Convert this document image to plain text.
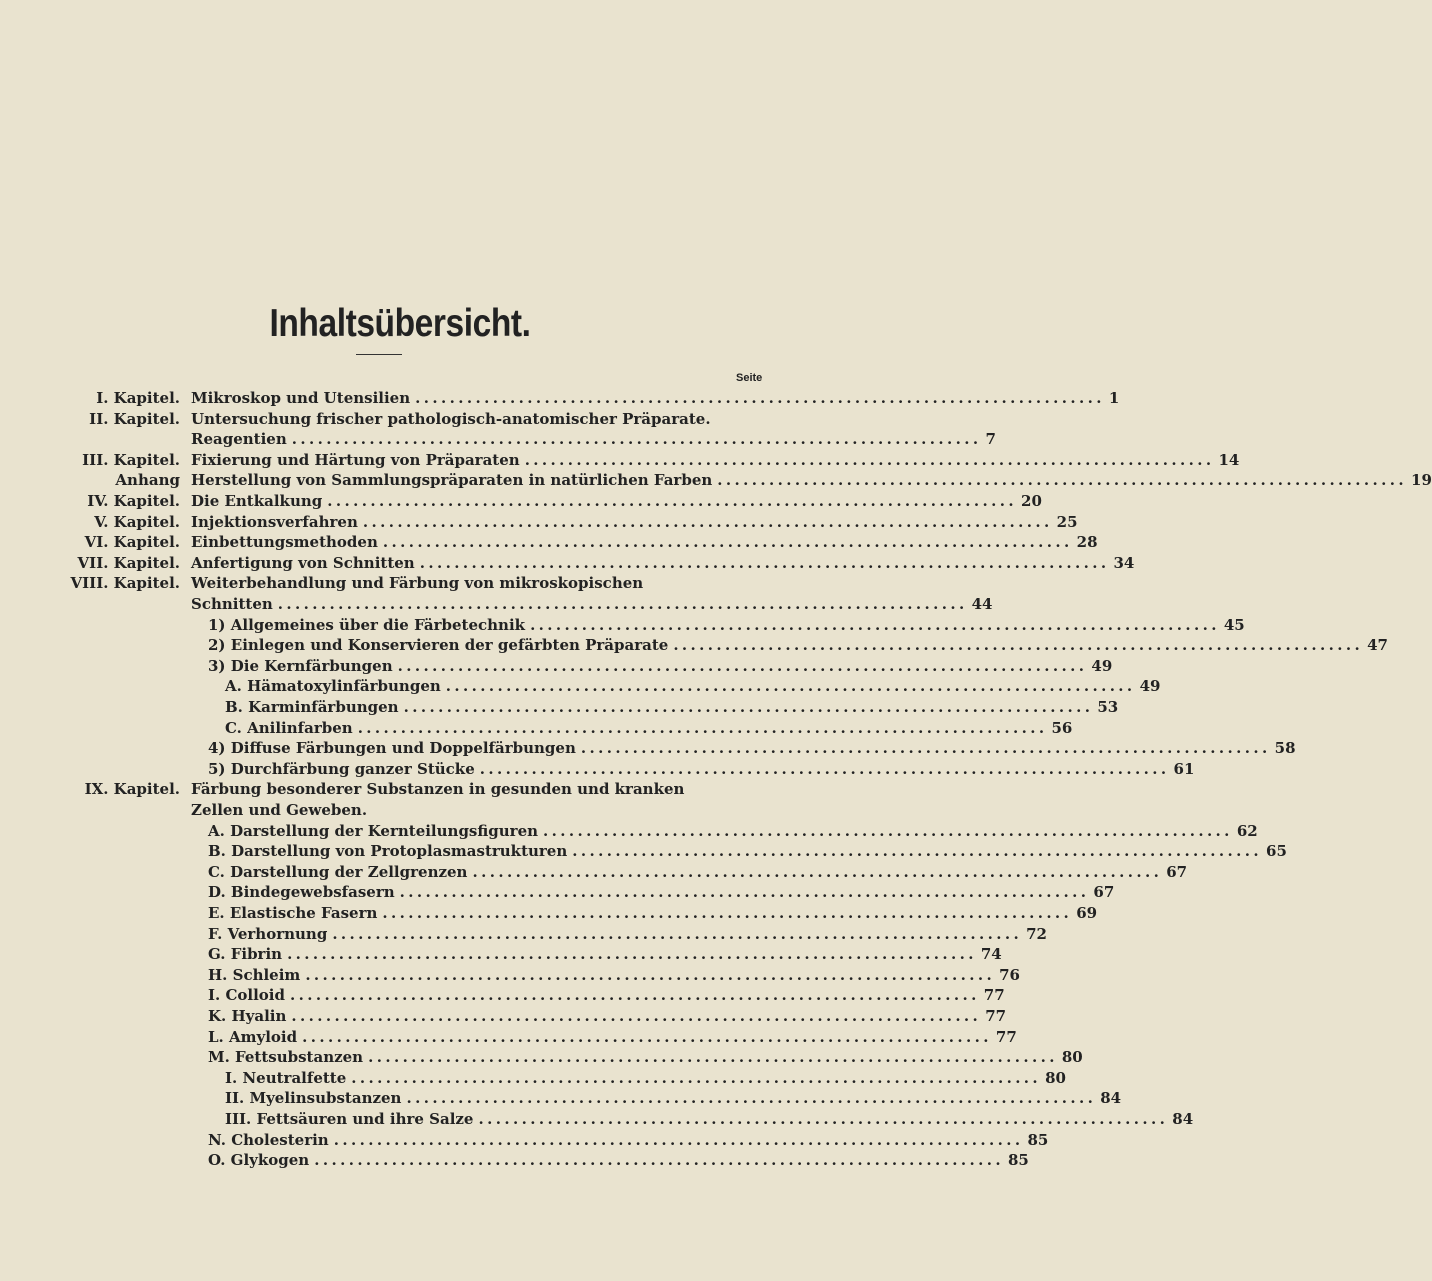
Inhaltsübersicht.
Seite
I. Kapitel. Mikroskop und Utensilien ................................................................................ 1
II. Kapitel. Untersuchung frischer pathologisch-anatomischer Präparate.
Reagentien ................................................................................ 7
III. Kapitel. Fixierung und Härtung von Präparaten ................................................................................ 14
Anhang Herstellung von Sammlungspräparaten in natürlichen Farben ................................................................................ 19
IV. Kapitel. Die Entkalkung ................................................................................ 20
V. Kapitel. Injektionsverfahren ................................................................................ 25
VI. Kapitel. Einbettungsmethoden ................................................................................ 28
VII. Kapitel. Anfertigung von Schnitten ................................................................................ 34
VIII. Kapitel. Weiterbehandlung und Färbung von mikroskopischen
Schnitten ................................................................................ 44
1) Allgemeines über die Färbetechnik ................................................................................ 45
2) Einlegen und Konservieren der gefärbten Präparate ................................................................................ 47
3) Die Kernfärbungen ................................................................................ 49
A. Hämatoxylinfärbungen ................................................................................ 49
B. Karminfärbungen ................................................................................ 53
C. Anilinfarben ................................................................................ 56
4) Diffuse Färbungen und Doppelfärbungen ................................................................................ 58
5) Durchfärbung ganzer Stücke ................................................................................ 61
IX. Kapitel. Färbung besonderer Substanzen in gesunden und kranken
Zellen und Geweben.
A. Darstellung der Kernteilungsfiguren ................................................................................ 62
B. Darstellung von Protoplasmastrukturen ................................................................................ 65
C. Darstellung der Zellgrenzen ................................................................................ 67
D. Bindegewebsfasern ................................................................................ 67
E. Elastische Fasern ................................................................................ 69
F. Verhornung ................................................................................ 72
G. Fibrin ................................................................................ 74
H. Schleim ................................................................................ 76
I. Colloid ................................................................................ 77
K. Hyalin ................................................................................ 77
L. Amyloid ................................................................................ 77
M. Fettsubstanzen ................................................................................ 80
I. Neutralfette ................................................................................ 80
II. Myelinsubstanzen ................................................................................ 84
III. Fettsäuren und ihre Salze ................................................................................ 84
N. Cholesterin ................................................................................ 85
O. Glykogen ................................................................................ 85
